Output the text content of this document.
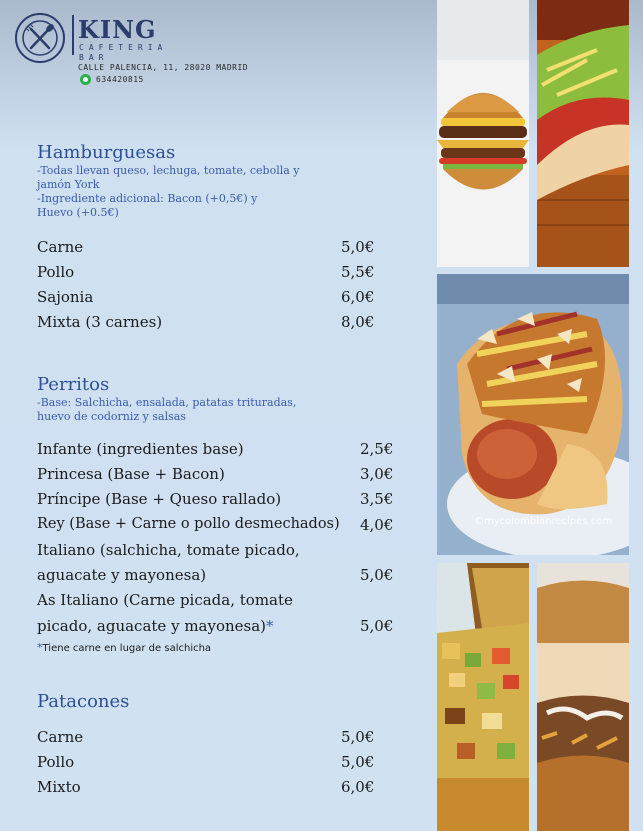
KING
CAFETERIA
BAR
CALLE PALENCIA, 11, 28020 MADRID
634420815
Hamburguesas
-Todas llevan queso, lechuga, tomate, cebolla y
jamón York
-Ingrediente adicional: Bacon (+0,5€) y
Huevo (+0.5€)
Carne	5,0€
Pollo	5,5€
Sajonia	6,0€
Mixta (3 carnes)	8,0€
Perritos
-Base: Salchicha, ensalada, patatas trituradas,
huevo de codorniz y salsas
Infante (ingredientes base)	2,5€
Princesa (Base + Bacon)	3,0€
Príncipe (Base + Queso rallado)	3,5€
Rey (Base + Carne o pollo desmechados) 4,0€
Italiano (salchicha, tomate picado,
aguacate y mayonesa)	5,0€
As Italiano (Carne picada, tomate
picado, aguacate y mayonesa)*	5,0€
*Tiene carne en lugar de salchicha
Patacones
Carne	5,0€
Pollo	5,0€
Mixto	6,0€
©mycolombianrecipes.com
